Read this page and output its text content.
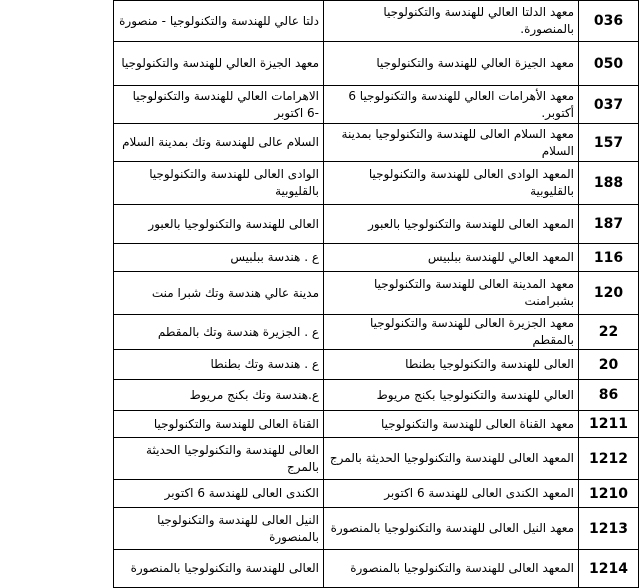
036	معهد الدلتا العالي للهندسة والتكنولوجيا بالمنصورة.	دلتا عالي للهندسة والتكنولوجيا - منصورة
050	معهد الجيزة العالي للهندسة والتكنولوجيا	معهد الجيزة العالي للهندسة والتكنولوجيا
037	معهد الأهرامات العالي للهندسة والتكنولوجيا 6 أكتوبر.	الاهرامات العالي للهندسة والتكنولوجيا -6 اكتوبر
157	معهد السلام العالى للهندسة والتكنولوجيا بمدينة السلام	السلام عالى للهندسة وتك بمدينة السلام
188	المعهد الوادى العالى للهندسة والتكنولوجيا بالقليوبية	الوادى العالى للهندسة والتكنولوجيا بالقليوبية
187	المعهد العالى للهندسة والتكنولوجيا بالعبور	العالى للهندسة والتكنولوجيا بالعبور
116	المعهد العالي للهندسة ببلبيس	ع . هندسة ببلبيس
120	معهد المدينة العالى للهندسة والتكنولوجيا بشبرامنت	مدينة عالي هندسة وتك شبرا منت
22	معهد الجزيرة العالى للهندسة والتكنولوجيا بالمقطم	ع . الجزيرة هندسة وتك بالمقطم
20	العالى للهندسة والتكنولوجيا بطنطا	ع . هندسة وتك بطنطا
86	العالي للهندسة والتكنولوجيا بكنج مريوط	ع.هندسة وتك بكنج مريوط
1211	معهد القناة العالى للهندسة والتكنولوجيا	القناة العالى للهندسة والتكنولوجيا
1212	المعهد العالى للهندسة والتكنولوجيا الحديثة بالمرج	العالى للهندسة والتكنولوجيا الحديثة بالمرج
1210	المعهد الكندى العالى للهندسة 6 اكتوبر	الكندى العالى للهندسة 6 اكتوبر
1213	معهد النيل العالى للهندسة والتكنولوجيا بالمنصورة	النيل العالى للهندسة والتكنولوجيا بالمنصورة
1214	المعهد العالى للهندسة والتكنولوجيا بالمنصورة	العالى للهندسة والتكنولوجيا بالمنصورة
